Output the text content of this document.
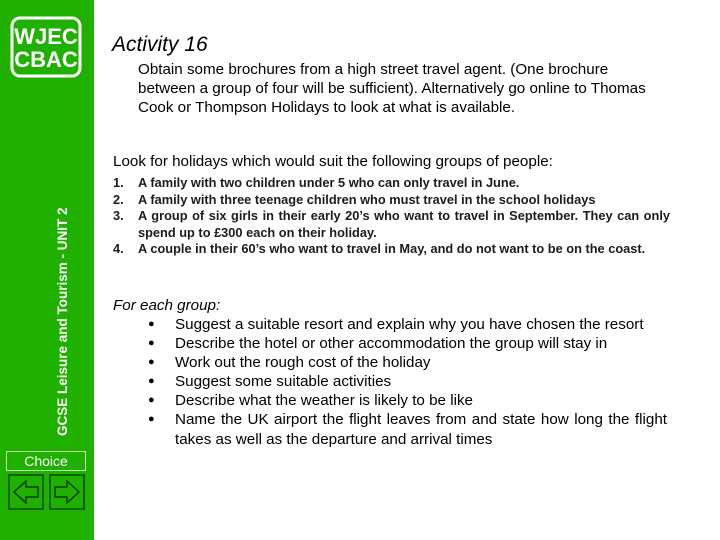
WJEC
CBAC
GCSE Leisure and Tourism - UNIT 2
Choice
Activity 16
Obtain some brochures from a high street travel agent. (One brochure between a group of four will be sufficient). Alternatively go online to Thomas Cook or Thompson Holidays to look at what is available.
Look for holidays which would suit the following groups of people:
1.	A family with two children under 5 who can only travel in June.
2.	A family with three teenage children who must travel in the school holidays
3.	A group of six girls in their early 20’s who want to travel in September. They can only spend up to £300 each on their holiday.
4.	A couple in their 60’s who want to travel in May, and do not want to be on the coast.
For each group:
●	Suggest a suitable resort and explain why you have chosen the resort
●	Describe the hotel or other accommodation the group will stay in
●	Work out the rough cost of the holiday
●	Suggest some suitable activities
●	Describe what the weather is likely to be like
●	Name the UK airport the flight leaves from and state how long the flight takes as well as the departure and arrival times
